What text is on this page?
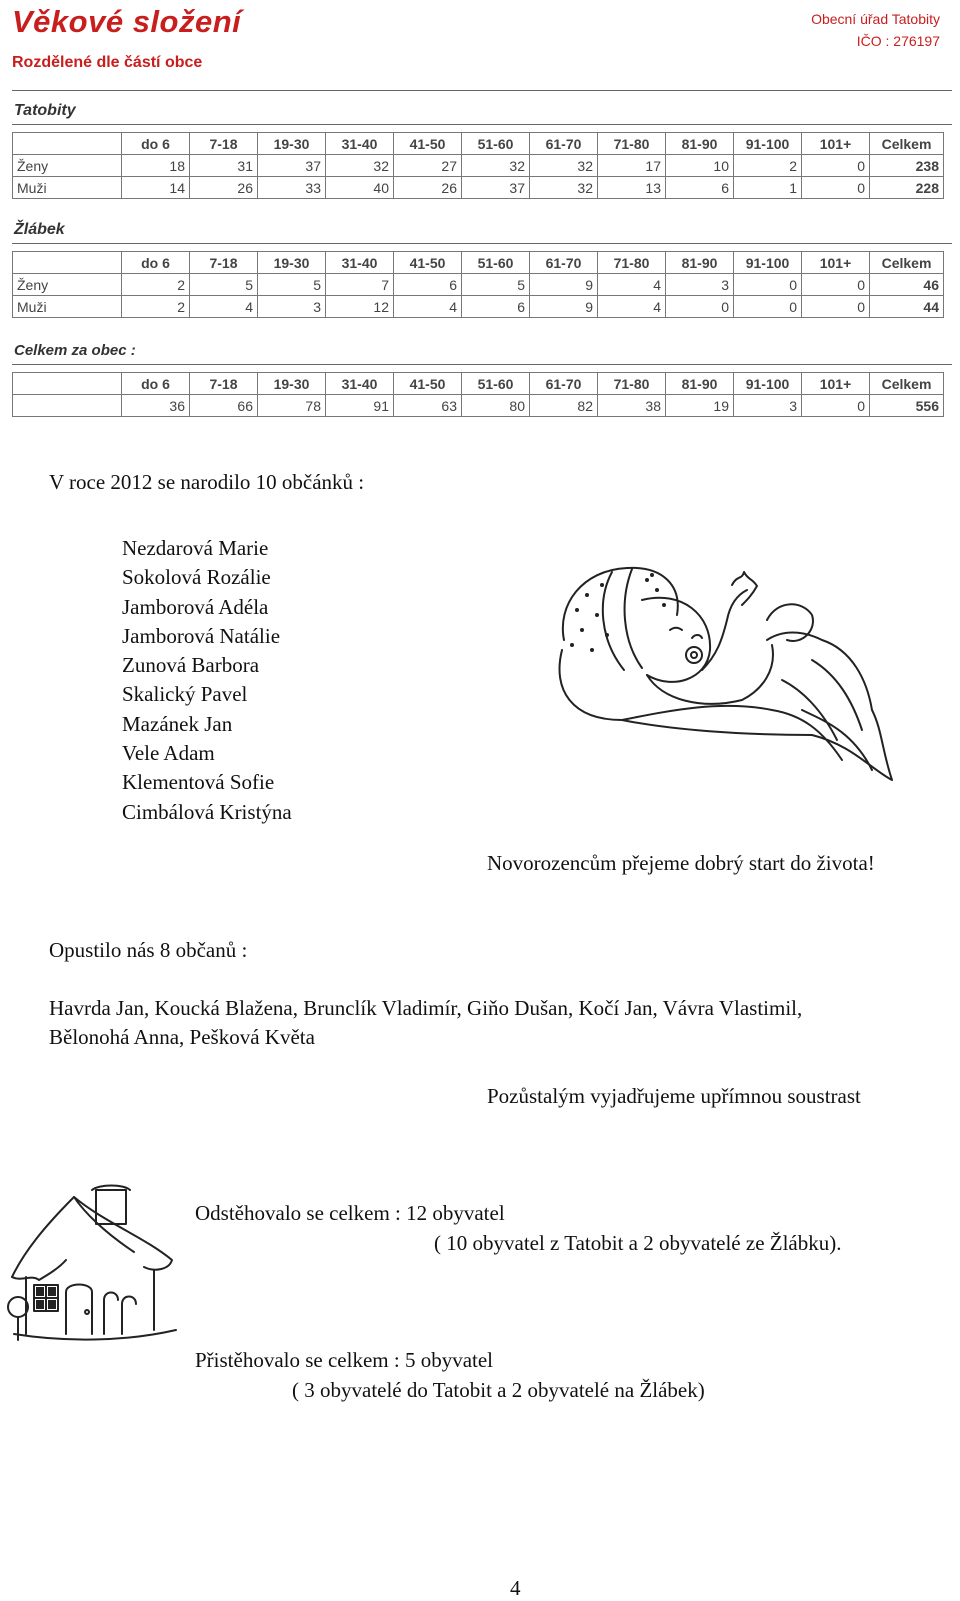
Věkové složení
Rozdělené dle částí obce
Obecní úřad Tatobity
IČO : 276197
Tatobity
	do 6	7-18	19-30	31-40	41-50	51-60	61-70	71-80	81-90	91-100	101+	Celkem
Ženy	18	31	37	32	27	32	32	17	10	2	0	238
Muži	14	26	33	40	26	37	32	13	6	1	0	228
Žlábek
	do 6	7-18	19-30	31-40	41-50	51-60	61-70	71-80	81-90	91-100	101+	Celkem
Ženy	2	5	5	7	6	5	9	4	3	0	0	46
Muži	2	4	3	12	4	6	9	4	0	0	0	44
Celkem za obec :
	do 6	7-18	19-30	31-40	41-50	51-60	61-70	71-80	81-90	91-100	101+	Celkem
	36	66	78	91	63	80	82	38	19	3	0	556
V roce 2012 se narodilo 10 občánků :
Nezdarová Marie
Sokolová Rozálie
Jamborová Adéla
Jamborová Natálie
Zunová Barbora
Skalický Pavel
Mazánek Jan
Vele Adam
Klementová Sofie
Cimbálová Kristýna
Novorozencům přejeme dobrý start do života!
Opustilo nás 8 občanů :
Havrda Jan, Koucká Blažena, Brunclík Vladimír, Giňo Dušan, Kočí Jan, Vávra Vlastimil,
Bělonohá Anna, Pešková Květa
Pozůstalým vyjadřujeme upřímnou soustrast
Odstěhovalo se celkem : 12 obyvatel
( 10 obyvatel z Tatobit a 2 obyvatelé ze Žlábku).
Přistěhovalo se celkem : 5 obyvatel
( 3 obyvatelé do Tatobit a 2 obyvatelé na Žlábek)
4
